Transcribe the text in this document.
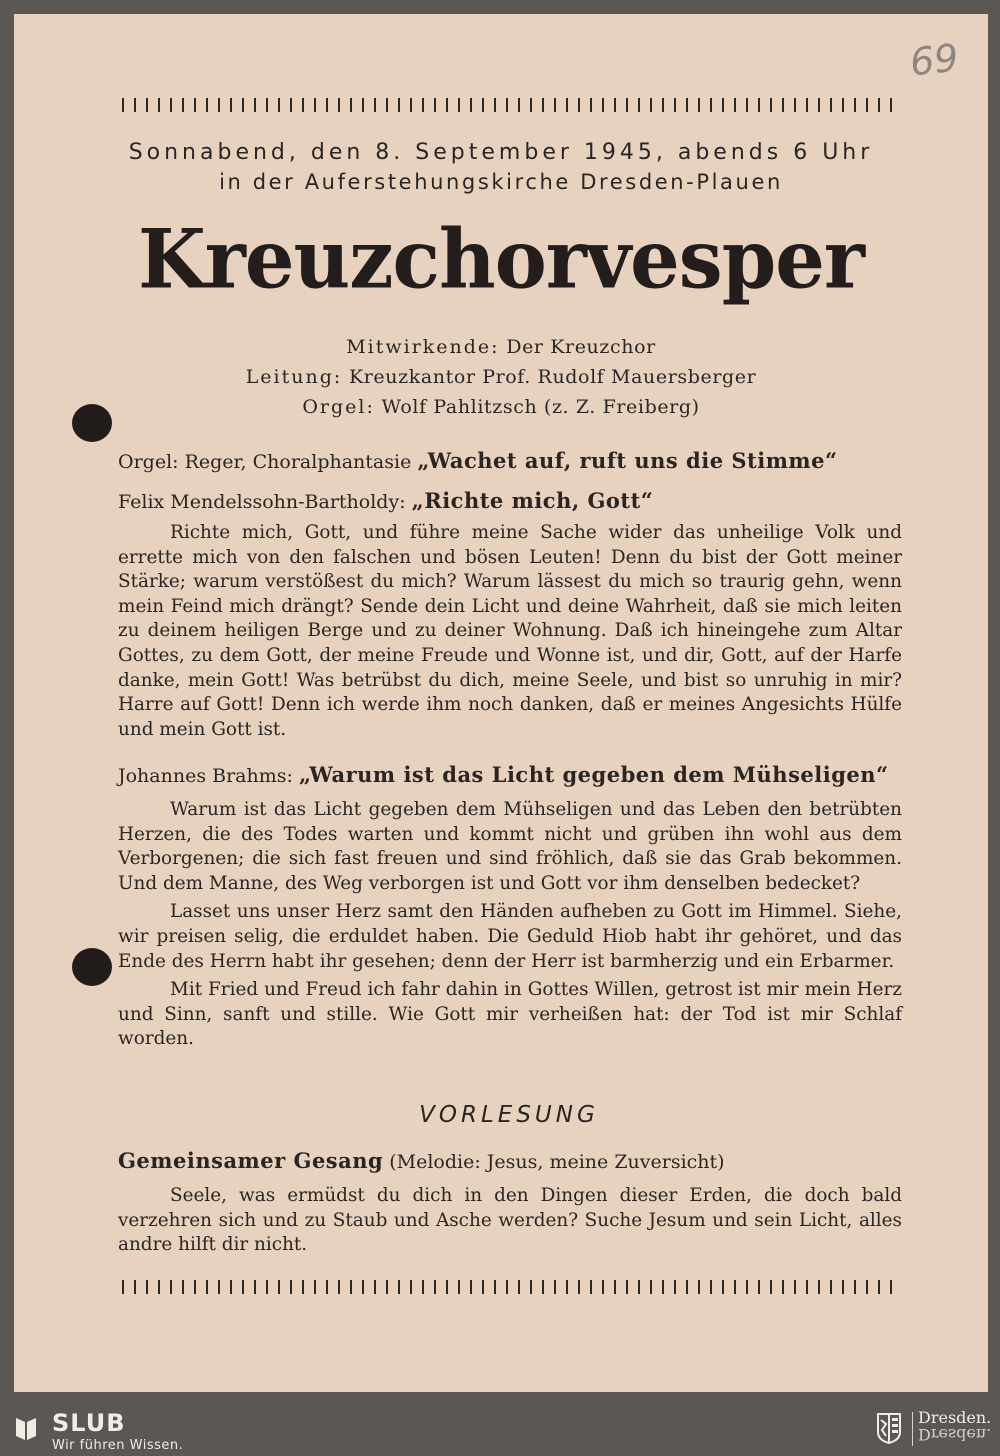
69
Sonnabend, den 8. September 1945, abends 6 Uhr
in der Auferstehungskirche Dresden-Plauen
Kreuzchorvesper
Mitwirkende: Der Kreuzchor
Leitung: Kreuzkantor Prof. Rudolf Mauersberger
Orgel: Wolf Pahlitzsch (z. Z. Freiberg)
Orgel: Reger, Choralphantasie „Wachet auf, ruft uns die Stimme“
Felix Mendelssohn-Bartholdy: „Richte mich, Gott“

Richte mich, Gott, und führe meine Sache wider das unheilige Volk und errette mich von den falschen und bösen Leuten! Denn du bist der Gott meiner Stärke; warum verstößest du mich? Warum lässest du mich so traurig gehn, wenn mein Feind mich drängt? Sende dein Licht und deine Wahrheit, daß sie mich leiten zu deinem heiligen Berge und zu deiner Wohnung. Daß ich hineingehe zum Altar Gottes, zu dem Gott, der meine Freude und Wonne ist, und dir, Gott, auf der Harfe danke, mein Gott! Was betrübst du dich, meine Seele, und bist so unruhig in mir? Harre auf Gott! Denn ich werde ihm noch danken, daß er meines Angesichts Hülfe und mein Gott ist.

Johannes Brahms: „Warum ist das Licht gegeben dem Mühseligen“

Warum ist das Licht gegeben dem Mühseligen und das Leben den betrübten Herzen, die des Todes warten und kommt nicht und grüben ihn wohl aus dem Verborgenen; die sich fast freuen und sind fröhlich, daß sie das Grab bekommen. Und dem Manne, des Weg verborgen ist und Gott vor ihm denselben bedecket?

Lasset uns unser Herz samt den Händen aufheben zu Gott im Himmel. Siehe, wir preisen selig, die erduldet haben. Die Geduld Hiob habt ihr gehöret, und das Ende des Herrn habt ihr gesehen; denn der Herr ist barmherzig und ein Erbarmer.

Mit Fried und Freud ich fahr dahin in Gottes Willen, getrost ist mir mein Herz und Sinn, sanft und stille. Wie Gott mir verheißen hat: der Tod ist mir Schlaf worden.

VORLESUNG
Gemeinsamer Gesang (Melodie: Jesus, meine Zuversicht)

Seele, was ermüdst du dich in den Dingen dieser Erden, die doch bald verzehren sich und zu Staub und Asche werden? Suche Jesum und sein Licht, alles andre hilft dir nicht.

SLUB
Wir führen Wissen.
Dresden.
Dresden.
